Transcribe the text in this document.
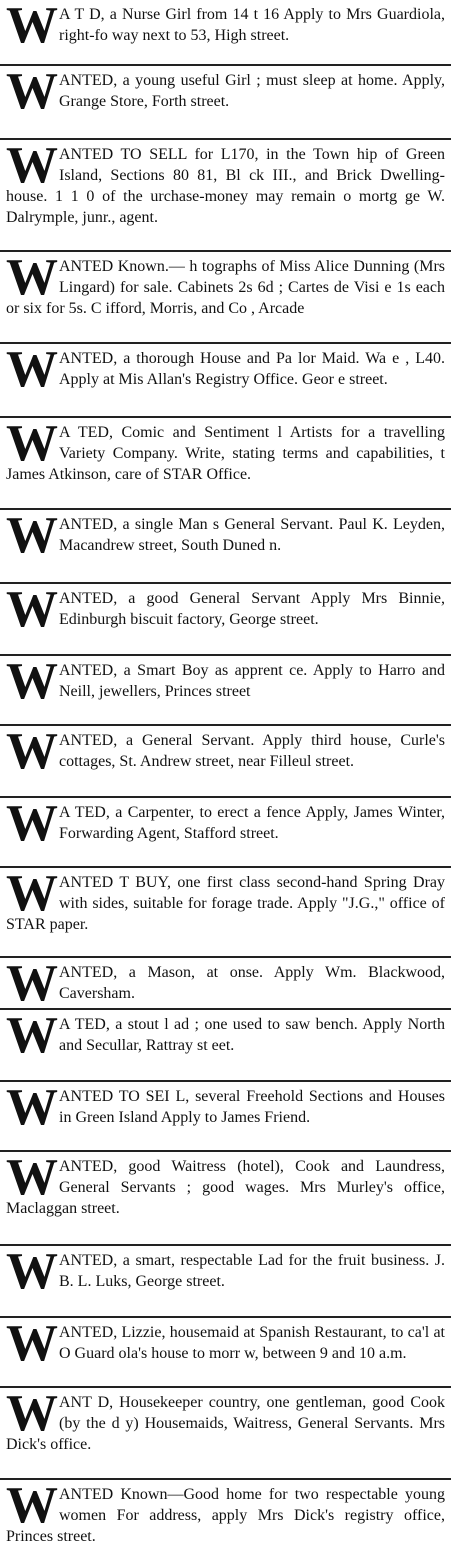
W A T D, a Nurse Girl from 14 t 16 Apply to Mrs Guardiola, right-fo way next to 53, High street.
WANTED, a young useful Girl ; must sleep at home. Apply, Grange Store, Forth street.
WANTED TO SELL for L170, in the Town hip of Green Island, Sections 80 81, Bl ck III., and Brick Dwelling-house. 1 1 0 of the urchase-money may remain o mortg ge W. Dalrymple, junr., agent.
WANTED Known.— h tographs of Miss Alice Dunning (Mrs Lingard) for sale. Cabinets 2s 6d ; Cartes de Visi e 1s each or six for 5s. C ifford, Morris, and Co , Arcade
WANTED, a thorough House and Pa lor Maid. Wa e , L40. Apply at Mis Allan's Registry Office. Geor e street.
W A TED, Comic and Sentiment l Artists for a travelling Variety Company. Write, stating terms and capabilities, t James Atkinson, care of STAR Office.
WANTED, a single Man s General Servant. Paul K. Leyden, Macandrew street, South Duned n.
WANTED, a good General Servant Apply Mrs Binnie, Edinburgh biscuit factory, George street.
WANTED, a Smart Boy as apprent ce. Apply to Harro and Neill, jewellers, Princes street
WANTED, a General Servant. Apply third house, Curle's cottages, St. Andrew street, near Filleul street.
W A TED, a Carpenter, to erect a fence Apply, James Winter, Forwarding Agent, Stafford street.
WANTED T BUY, one first class second-hand Spring Dray with sides, suitable for forage trade. Apply "J.G.," office of STAR paper.
WANTED, a Mason, at onse. Apply Wm. Blackwood, Caversham.
W A TED, a stout l ad ; one used to saw bench. Apply North and Secullar, Rattray st eet.
WANTED TO SEI L, several Freehold Sections and Houses in Green Island Apply to James Friend.
WANTED, good Waitress (hotel), Cook and Laundress, General Servants ; good wages. Mrs Murley's office, Maclaggan street.
WANTED, a smart, respectable Lad for the fruit business. J. B. L. Luks, George street.
WANTED, Lizzie, housemaid at Spanish Restaurant, to ca'l at O Guard ola's house to morr w, between 9 and 10 a.m.
WANT D, Housekeeper country, one gentleman, good Cook (by the d y) Housemaids, Waitress, General Servants. Mrs Dick's office.
WANTED Known—Good home for two respectable young women For address, apply Mrs Dick's registry office, Princes street.
